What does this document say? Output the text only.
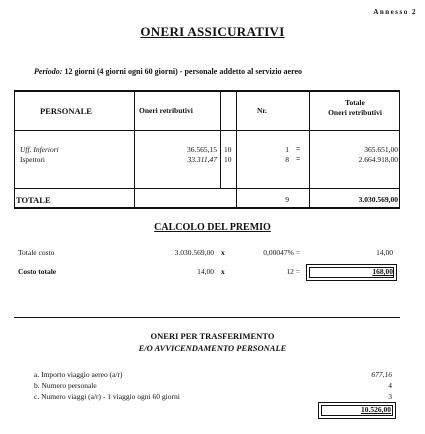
Annesso 2
ONERI ASSICURATIVI
Periodo: 12 giorni (4 giorni ogni 60 giorni) - personale addetto al servizio aereo
PERSONALE	Oneri retributivi	Nr.
Totale
Oneri retributivi
Uff. Inferiori	36.565,15 10	1 =	365.651,00
Ispettori	33.311,47 10	8 =	2.664.918,00
TOTALE	9	3.030.569,00
CALCOLO DEL PREMIO
Totale costo	3.030.569,00 x	0,00047% =	14,00
Costo totale	14,00 x	12 =	168,00
ONERI PER TRASFERIMENTO
E/O AVVICENDAMENTO PERSONALE
a. Importo viaggio aereo (a/r)	677,16
b. Numero personale	4
c. Numero viaggi (a/r) - 1 viaggio ogni 60 giorni	3
10.526,00
